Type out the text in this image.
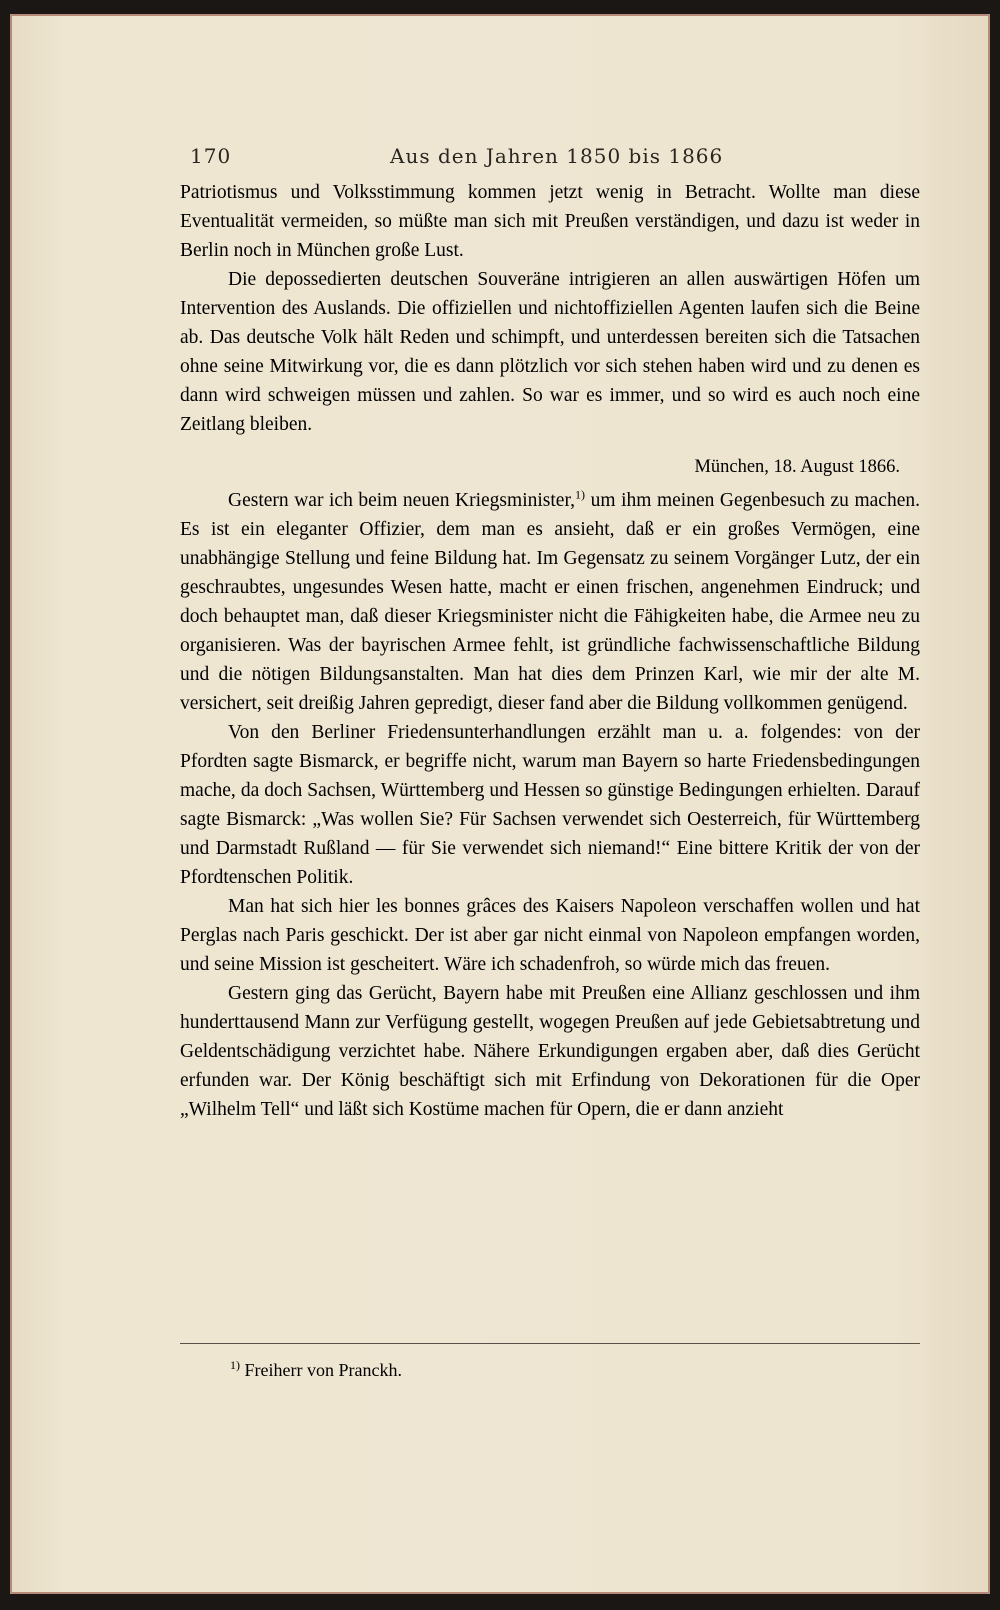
170	Aus den Jahren 1850 bis 1866

Patriotismus und Volksstimmung kommen jetzt wenig in Betracht. Wollte man diese Eventualität vermeiden, so müßte man sich mit Preußen verständigen, und dazu ist weder in Berlin noch in München große Lust.

Die depossedierten deutschen Souveräne intrigieren an allen auswärtigen Höfen um Intervention des Auslands. Die offiziellen und nichtoffiziellen Agenten laufen sich die Beine ab. Das deutsche Volk hält Reden und schimpft, und unterdessen bereiten sich die Tatsachen ohne seine Mitwirkung vor, die es dann plötzlich vor sich stehen haben wird und zu denen es dann wird schweigen müssen und zahlen. So war es immer, und so wird es auch noch eine Zeitlang bleiben.

München, 18. August 1866.

Gestern war ich beim neuen Kriegsminister,$^{1)}$ um ihm meinen Gegenbesuch zu machen. Es ist ein eleganter Offizier, dem man es ansieht, daß er ein großes Vermögen, eine unabhängige Stellung und feine Bildung hat. Im Gegensatz zu seinem Vorgänger Lutz, der ein geschraubtes, ungesundes Wesen hatte, macht er einen frischen, angenehmen Eindruck; und doch behauptet man, daß dieser Kriegsminister nicht die Fähigkeiten habe, die Armee neu zu organisieren. Was der bayrischen Armee fehlt, ist gründliche fachwissenschaftliche Bildung und die nötigen Bildungsanstalten. Man hat dies dem Prinzen Karl, wie mir der alte M. versichert, seit dreißig Jahren gepredigt, dieser fand aber die Bildung vollkommen genügend.

Von den Berliner Friedensunterhandlungen erzählt man u. a. folgendes: von der Pfordten sagte Bismarck, er begriffe nicht, warum man Bayern so harte Friedensbedingungen mache, da doch Sachsen, Württemberg und Hessen so günstige Bedingungen erhielten. Darauf sagte Bismarck: „Was wollen Sie? Für Sachsen verwendet sich Oesterreich, für Württemberg und Darmstadt Rußland — für Sie verwendet sich niemand!“ Eine bittere Kritik der von der Pfordtenschen Politik.

Man hat sich hier les bonnes grâces des Kaisers Napoleon verschaffen wollen und hat Perglas nach Paris geschickt. Der ist aber gar nicht einmal von Napoleon empfangen worden, und seine Mission ist gescheitert. Wäre ich schadenfroh, so würde mich das freuen.

Gestern ging das Gerücht, Bayern habe mit Preußen eine Allianz geschlossen und ihm hunderttausend Mann zur Verfügung gestellt, wogegen Preußen auf jede Gebietsabtretung und Geldentschädigung verzichtet habe. Nähere Erkundigungen ergaben aber, daß dies Gerücht erfunden war. Der König beschäftigt sich mit Erfindung von Dekorationen für die Oper „Wilhelm Tell“ und läßt sich Kostüme machen für Opern, die er dann anzieht

$^{1)}$ Freiherr von Pranckh.
